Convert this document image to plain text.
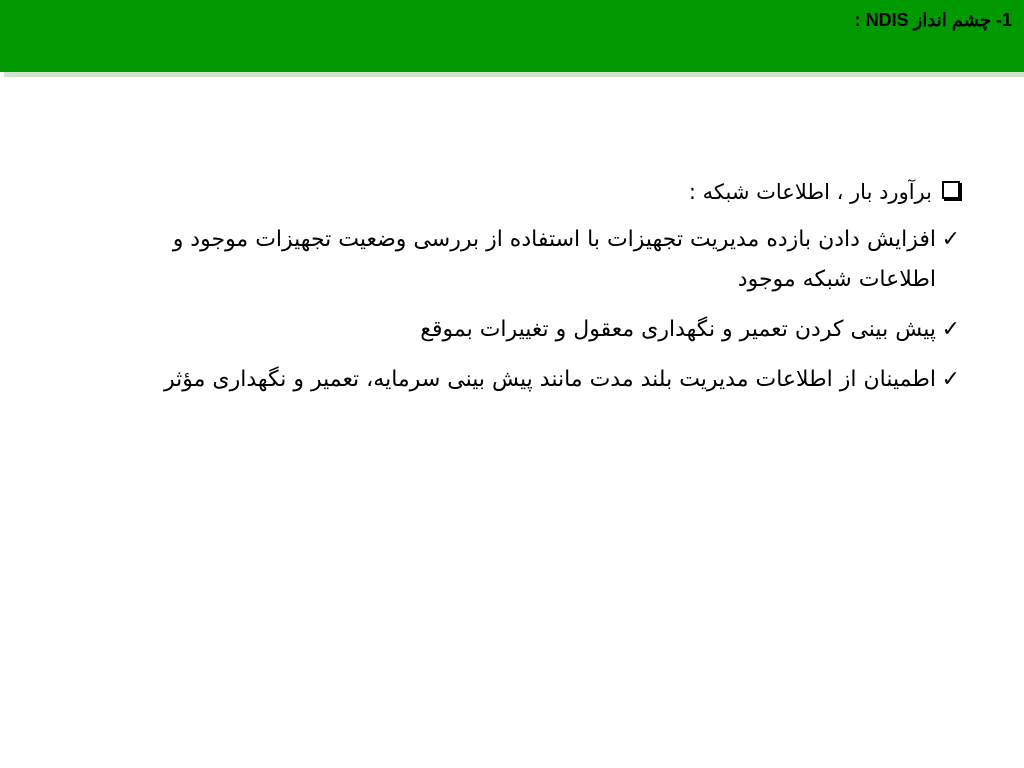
1- چشم انداز NDIS :
برآورد بار ، اطلاعات شبکه :
✓
افزایش دادن بازده مدیریت تجهیزات با استفاده از بررسی وضعیت تجهیزات موجود و اطلاعات شبکه موجود
✓
پیش بینی کردن تعمیر و نگهداری معقول و تغییرات بموقع
✓
اطمینان از اطلاعات مدیریت بلند مدت مانند پیش بینی سرمایه، تعمیر و نگهداری مؤثر
